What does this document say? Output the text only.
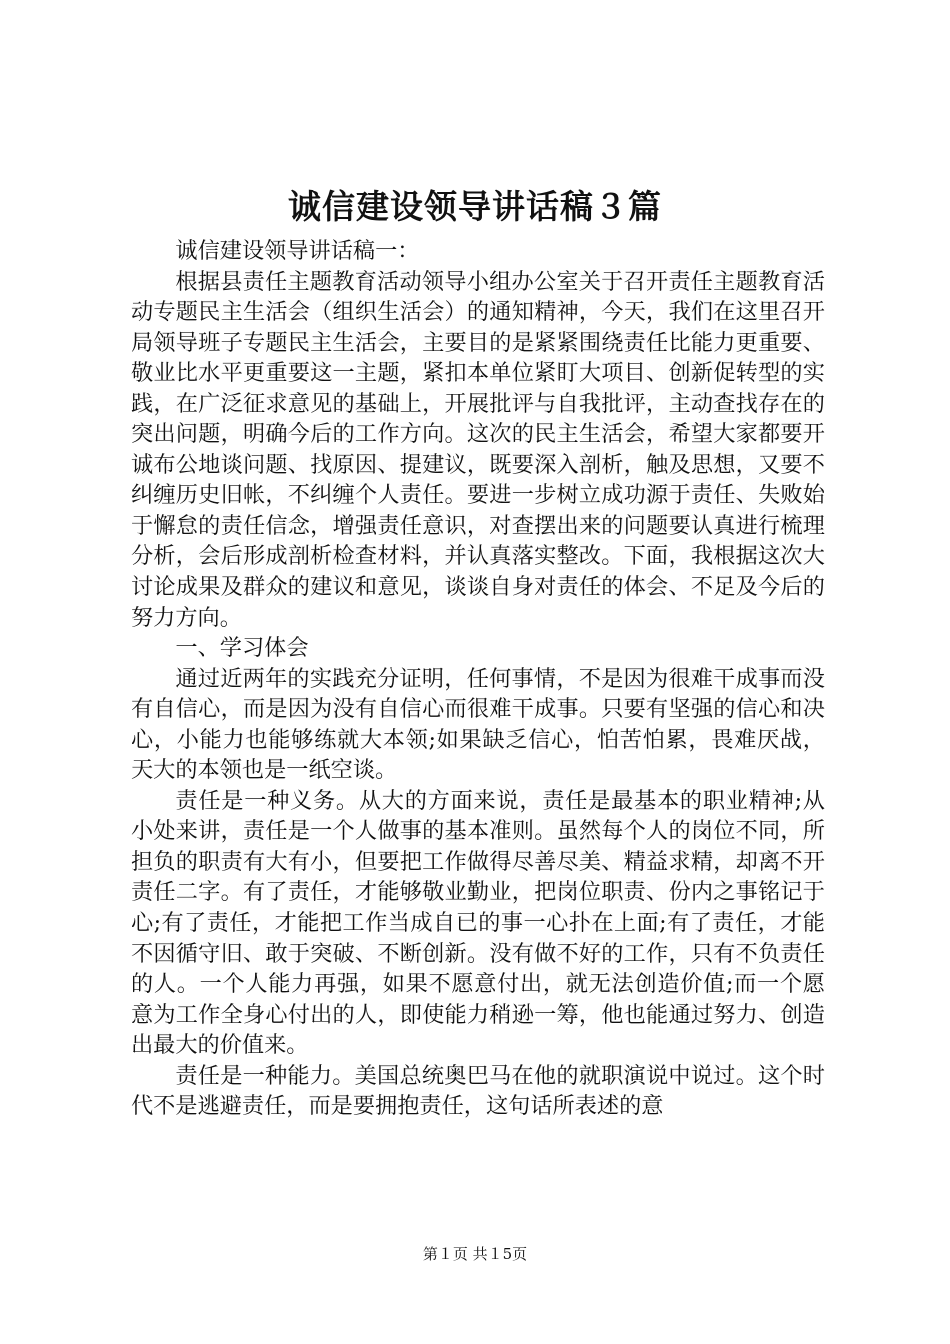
诚信建设领导讲话稿３篇

诚信建设领导讲话稿一：

根据县责任主题教育活动领导小组办公室关于召开责任主题教育活动专题民主生活会（组织生活会）的通知精神，今天，我们在这里召开局领导班子专题民主生活会，主要目的是紧紧围绕责任比能力更重要、敬业比水平更重要这一主题，紧扣本单位紧盯大项目、创新促转型的实践，在广泛征求意见的基础上，开展批评与自我批评，主动查找存在的突出问题，明确今后的工作方向。这次的民主生活会，希望大家都要开诚布公地谈问题、找原因、提建议，既要深入剖析，触及思想，又要不纠缠历史旧帐，不纠缠个人责任。要进一步树立成功源于责任、失败始于懈怠的责任信念，增强责任意识，对查摆出来的问题要认真进行梳理分析，会后形成剖析检查材料，并认真落实整改。下面，我根据这次大讨论成果及群众的建议和意见，谈谈自身对责任的体会、不足及今后的努力方向。

一、学习体会

通过近两年的实践充分证明，任何事情，不是因为很难干成事而没有自信心，而是因为没有自信心而很难干成事。只要有坚强的信心和决心，小能力也能够练就大本领;如果缺乏信心，怕苦怕累，畏难厌战，天大的本领也是一纸空谈。

责任是一种义务。从大的方面来说，责任是最基本的职业精神;从小处来讲，责任是一个人做事的基本准则。虽然每个人的岗位不同，所担负的职责有大有小，但要把工作做得尽善尽美、精益求精，却离不开责任二字。有了责任，才能够敬业勤业，把岗位职责、份内之事铭记于心;有了责任，才能把工作当成自已的事一心扑在上面;有了责任，才能不因循守旧、敢于突破、不断创新。没有做不好的工作，只有不负责任的人。一个人能力再强，如果不愿意付出，就无法创造价值;而一个愿意为工作全身心付出的人，即使能力稍逊一筹，他也能通过努力、创造出最大的价值来。

责任是一种能力。美国总统奥巴马在他的就职演说中说过。这个时代不是逃避责任，而是要拥抱责任，这句话所表述的意

第１页 共１5页
